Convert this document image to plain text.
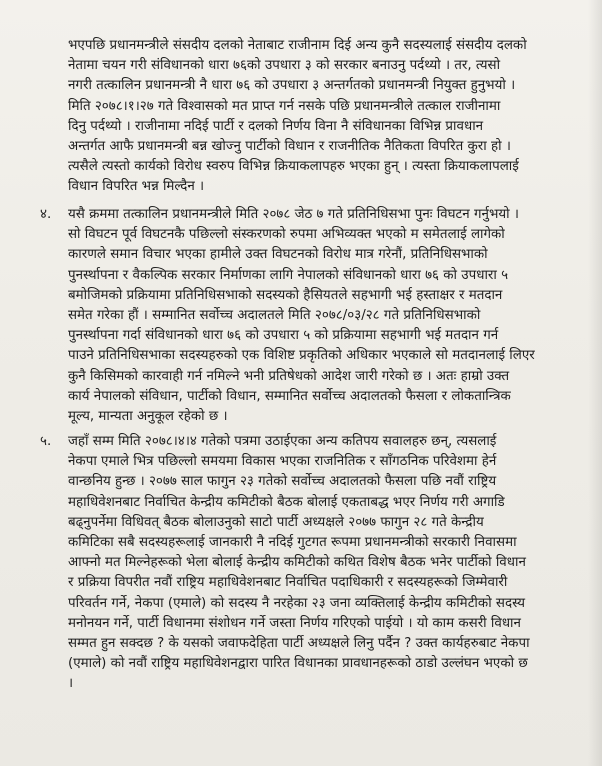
भएपछि प्रधानमन्त्रीले संसदीय दलको नेताबाट राजीनाम दिई अन्य कुनै सदस्यलाई संसदीय दलको
नेतामा चयन गरी संविधानको धारा ७६को उपधारा ३ को सरकार बनाउनु पर्दथ्यो । तर, त्यसो
नगरी तत्कालिन प्रधानमन्त्री नै धारा ७६ को उपधारा ३ अन्तर्गतको प्रधानमन्त्री नियुक्त हुनुभयो ।
मिति २०७८।१।२७ गते विश्वासको मत प्राप्त गर्न नसके पछि प्रधानमन्त्रीले तत्काल राजीनामा
दिनु पर्दथ्यो । राजीनामा नदिई पार्टी र दलको निर्णय विना नै संविधानका विभिन्न प्रावधान
अन्तर्गत आफै प्रधानमन्त्री बन्न खोज्नु पार्टीको विधान र राजनीतिक नैतिकता विपरित कुरा हो ।
त्यसैले त्यस्तो कार्यको विरोध स्वरुप विभिन्न क्रियाकलापहरु भएका हुन् । त्यस्ता क्रियाकलापलाई
विधान विपरित भन्न मिल्दैन ।
४.	यसै क्रममा तत्कालिन प्रधानमन्त्रीले मिति २०७८ जेठ ७ गते प्रतिनिधिसभा पुनः विघटन गर्नुभयो ।
सो विघटन पूर्व विघटनकै पछिल्लो संस्करणको रुपमा अभिव्यक्त भएको म समेतलाई लागेको
कारणले समान विचार भएका हामीले उक्त विघटनको विरोध मात्र गरेनौं, प्रतिनिधिसभाको
पुनर्स्थापना र वैकल्पिक सरकार निर्माणका लागि नेपालको संविधानको धारा ७६ को उपधारा ५
बमोजिमको प्रक्रियामा प्रतिनिधिसभाको सदस्यको हैसियतले सहभागी भई हस्ताक्षर र मतदान
समेत गरेका हौं । सम्मानित सर्वोच्च अदालतले मिति २०७८/०३/२८ गते प्रतिनिधिसभाको
पुनर्स्थापना गर्दा संविधानको धारा ७६ को उपधारा ५ को प्रक्रियामा सहभागी भई मतदान गर्न
पाउने प्रतिनिधिसभाका सदस्यहरुको एक विशिष्ट प्रकृतिको अधिकार भएकाले सो मतदानलाई लिएर
कुनै किसिमको कारवाही गर्न नमिल्ने भनी प्रतिषेधको आदेश जारी गरेको छ । अतः हाम्रो उक्त
कार्य नेपालको संविधान, पार्टीको विधान, सम्मानित सर्वोच्च अदालतको फैसला र लोकतान्त्रिक
मूल्य, मान्यता अनुकूल रहेको छ ।
५.	जहाँ सम्म मिति २०७८।४।४ गतेको पत्रमा उठाईएका अन्य कतिपय सवालहरु छन्, त्यसलाई
नेकपा एमाले भित्र पछिल्लो समयमा विकास भएका राजनितिक र साँगठनिक परिवेशमा हेर्न
वान्छनिय हुन्छ । २०७७ साल फागुन २३ गतेको सर्वोच्च अदालतको फैसला पछि नवौं राष्ट्रिय
महाधिवेशनबाट निर्वाचित केन्द्रीय कमिटीको बैठक बोलाई एकताबद्ध भएर निर्णय गरी अगाडि
बढ्नुपर्नेमा विधिवत् बैठक बोलाउनुको साटो पार्टी अध्यक्षले २०७७ फागुन २८ गते केन्द्रीय
कमिटिका सबै सदस्यहरूलाई जानकारी नै नदिई गुटगत रूपमा प्रधानमन्त्रीको सरकारी निवासमा
आफ्नो मत मिल्नेहरूको भेला बोलाई केन्द्रीय कमिटीको कथित विशेष बैठक भनेर पार्टीको विधान
र प्रक्रिया विपरीत नवौं राष्ट्रिय महाधिवेशनबाट निर्वाचित पदाधिकारी र सदस्यहरूको जिम्मेवारी
परिवर्तन गर्ने, नेकपा (एमाले) को सदस्य नै नरहेका २३ जना व्यक्तिलाई केन्द्रीय कमिटीको सदस्य
मनोनयन गर्ने, पार्टी विधानमा संशोधन गर्ने जस्ता निर्णय गरिएको पाईयो । यो काम कसरी विधान
सम्मत हुन सक्दछ ? के यसको जवाफदेहिता पार्टी अध्यक्षले लिनु पर्दैन ? उक्त कार्यहरुबाट नेकपा
(एमाले) को नवौं राष्ट्रिय महाधिवेशनद्वारा पारित विधानका प्रावधानहरूको ठाडो उल्लंघन भएको छ
।
